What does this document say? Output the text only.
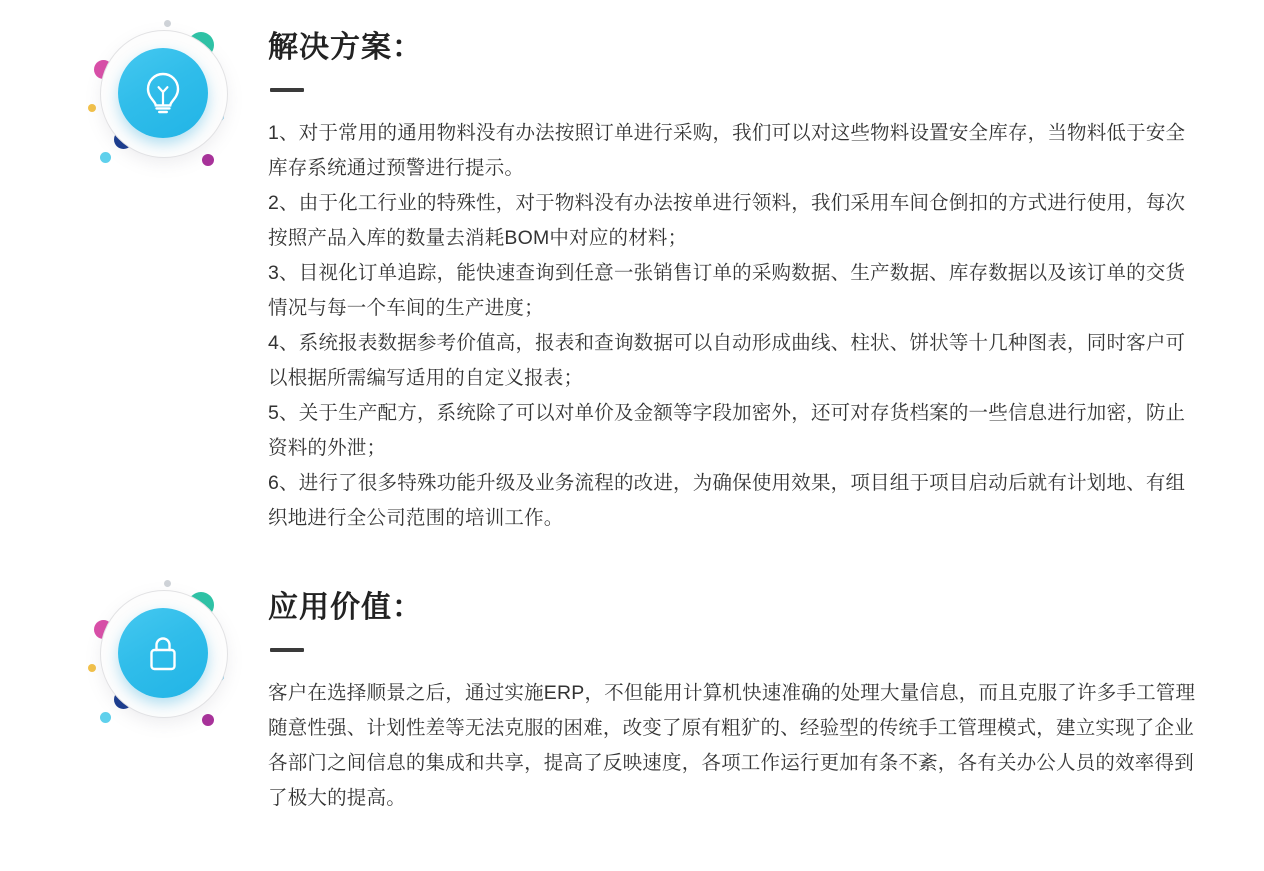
解决方案：

1、对于常用的通用物料没有办法按照订单进行采购，我们可以对这些物料设置安全库存，当物料低于安全库存系统通过预警进行提示。

2、由于化工行业的特殊性，对于物料没有办法按单进行领料，我们采用车间仓倒扣的方式进行使用，每次按照产品入库的数量去消耗BOM中对应的材料；

3、目视化订单追踪，能快速查询到任意一张销售订单的采购数据、生产数据、库存数据以及该订单的交货情况与每一个车间的生产进度；

4、系统报表数据参考价值高，报表和查询数据可以自动形成曲线、柱状、饼状等十几种图表，同时客户可以根据所需编写适用的自定义报表；

5、关于生产配方，系统除了可以对单价及金额等字段加密外，还可对存货档案的一些信息进行加密，防止资料的外泄；

6、进行了很多特殊功能升级及业务流程的改进，为确保使用效果，项目组于项目启动后就有计划地、有组织地进行全公司范围的培训工作。

应用价值：

客户在选择顺景之后，通过实施ERP，不但能用计算机快速准确的处理大量信息，而且克服了许多手工管理随意性强、计划性差等无法克服的困难，改变了原有粗犷的、经验型的传统手工管理模式，建立实现了企业各部门之间信息的集成和共享，提高了反映速度，各项工作运行更加有条不紊，各有关办公人员的效率得到了极大的提高。
